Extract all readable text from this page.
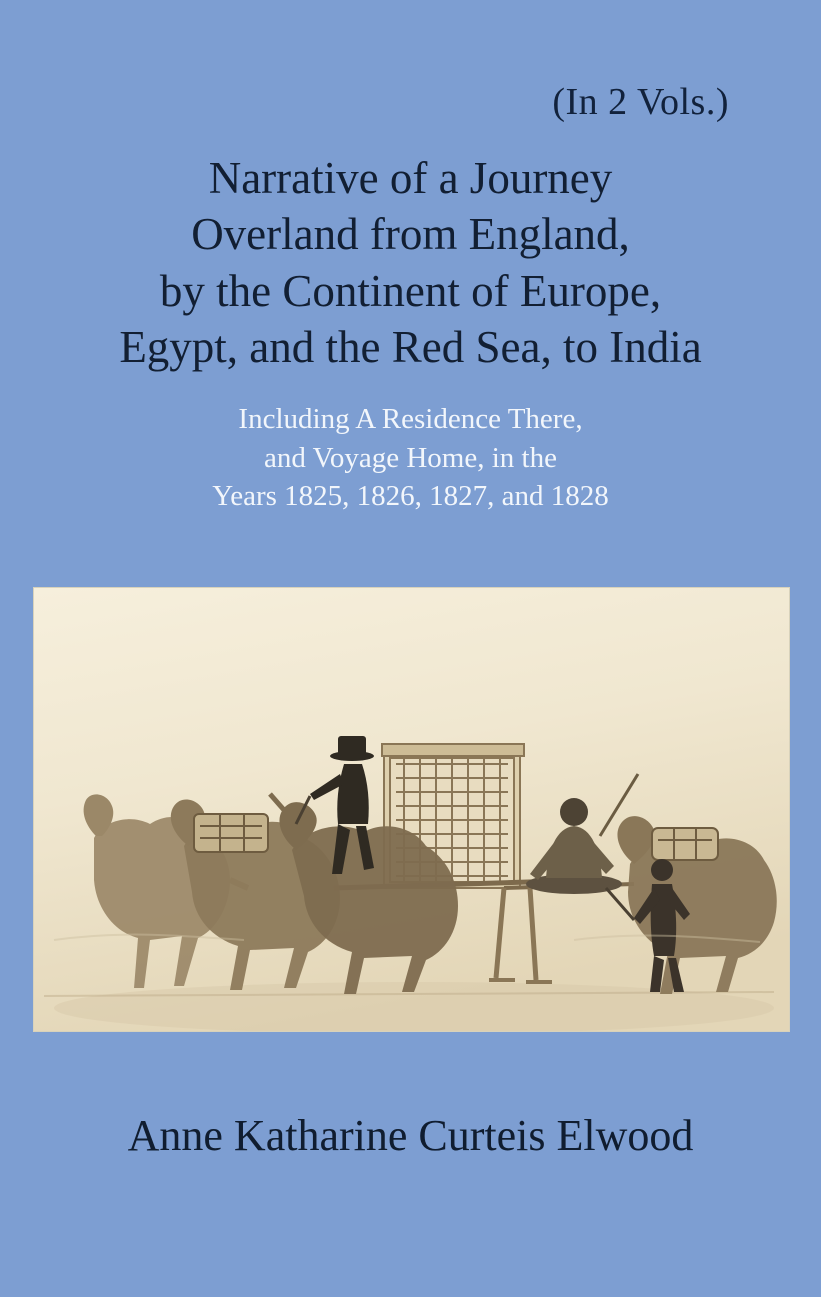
(In 2 Vols.)
Narrative of a Journey
Overland from England,
by the Continent of Europe,
Egypt, and the Red Sea, to India
Including A Residence There,
and Voyage Home, in the
Years 1825, 1826, 1827, and 1828
Anne Katharine Curteis Elwood
